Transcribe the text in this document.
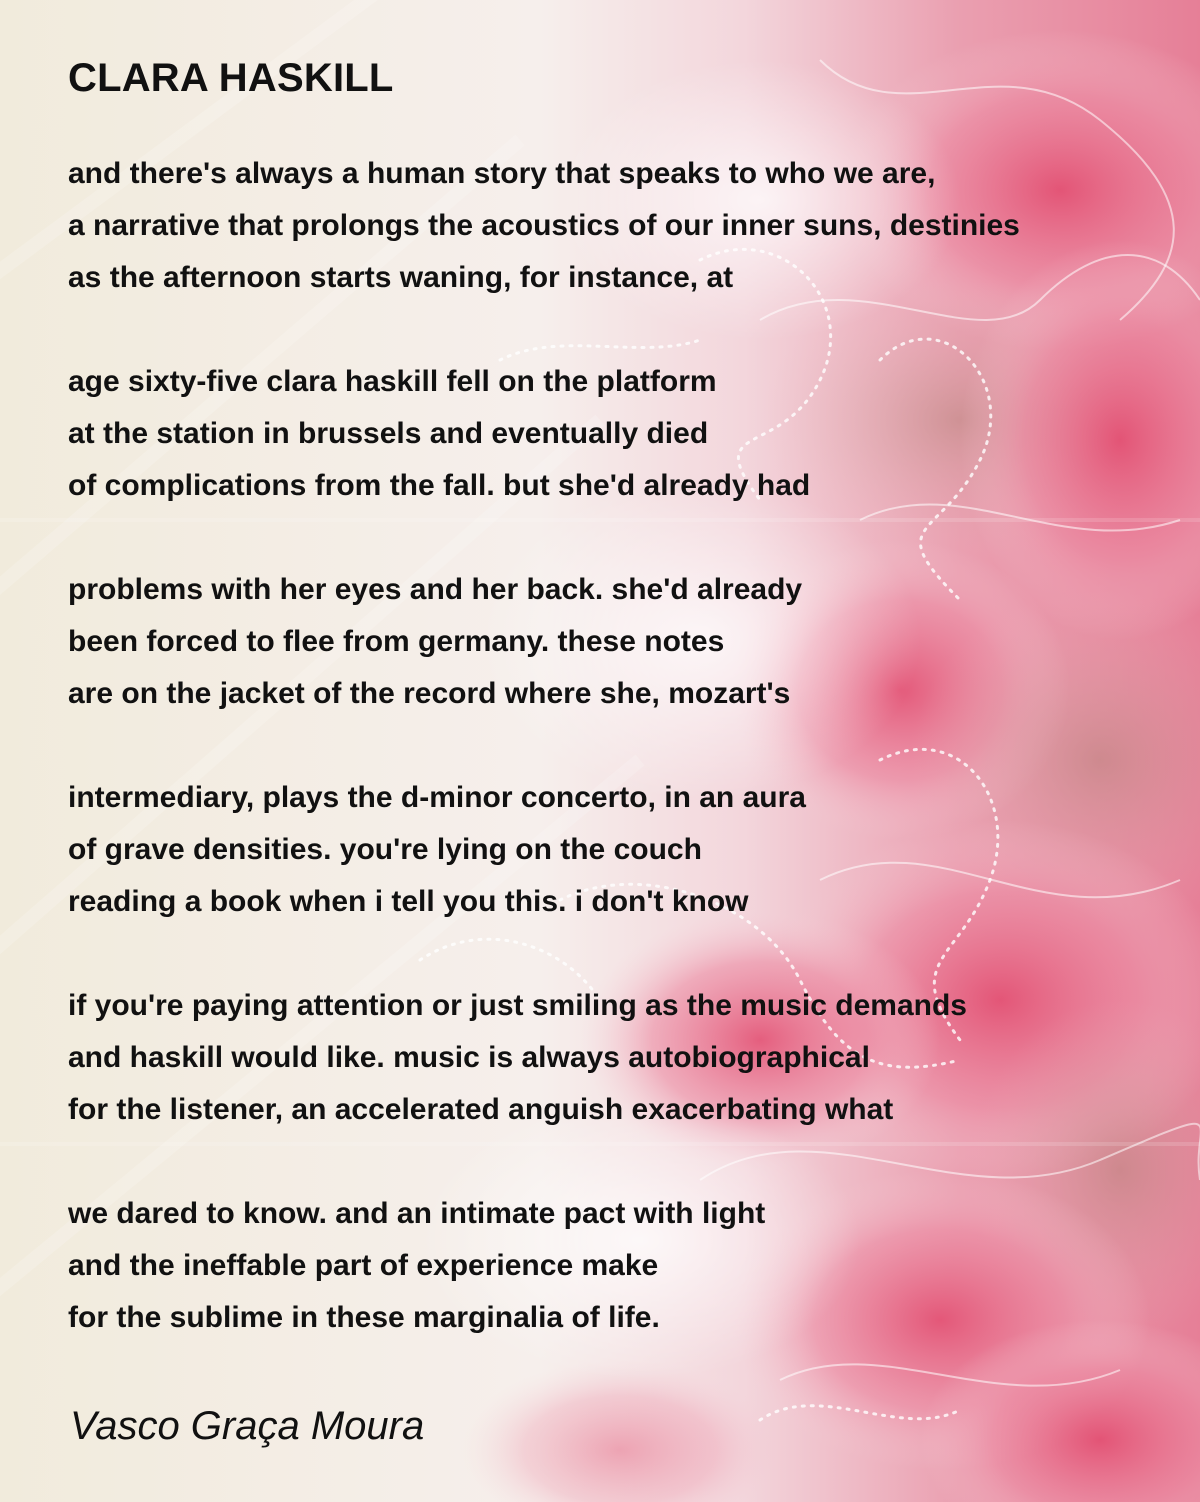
CLARA HASKILL
and there's always a human story that speaks to who we are,
a narrative that prolongs the acoustics of our inner suns, destinies
as the afternoon starts waning, for instance, at
age sixty-five clara haskill fell on the platform
at the station in brussels and eventually died
of complications from the fall. but she'd already had
problems with her eyes and her back. she'd already
been forced to flee from germany. these notes
are on the jacket of the record where she, mozart's
intermediary, plays the d-minor concerto, in an aura
of grave densities. you're lying on the couch
reading a book when i tell you this. i don't know
if you're paying attention or just smiling as the music demands
and haskill would like. music is always autobiographical
for the listener, an accelerated anguish exacerbating what
we dared to know. and an intimate pact with light
and the ineffable part of experience make
for the sublime in these marginalia of life.

Vasco Graça Moura
